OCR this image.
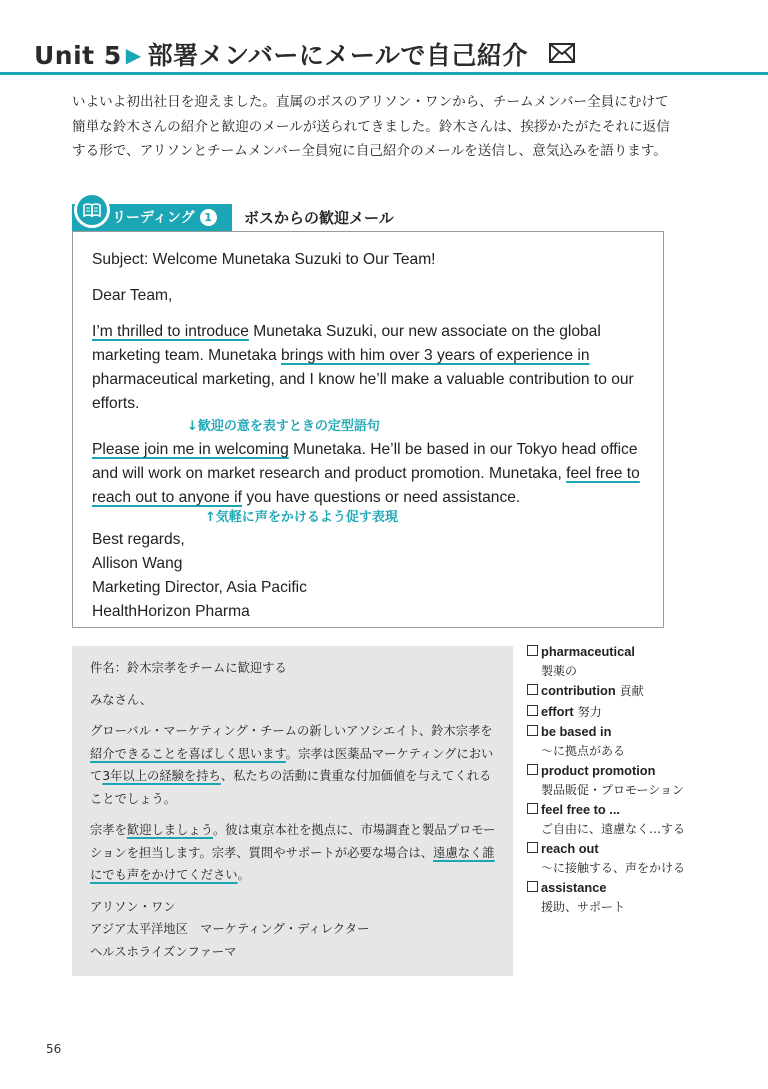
Unit 5 ▶ 部署メンバーにメールで自己紹介
いよいよ初出社日を迎えました。直属のボスのアリソン・ワンから、チームメンバー全員にむけて簡単な鈴木さんの紹介と歓迎のメールが送られてきました。鈴木さんは、挨拶かたがたそれに返信する形で、アリソンとチームメンバー全員宛に自己紹介のメールを送信し、意気込みを語ります。
リーディング 1	ボスからの歓迎メール

Subject: Welcome Munetaka Suzuki to Our Team!

Dear Team,

I’m thrilled to introduce Munetaka Suzuki, our new associate on the global marketing team. Munetaka brings with him over 3 years of experience in pharmaceutical marketing, and I know he’ll make a valuable contribution to our efforts.

↓歓迎の意を表すときの定型語句

Please join me in welcoming Munetaka. He’ll be based in our Tokyo head office and will work on market research and product promotion. Munetaka, feel free to reach out to anyone if you have questions or need assistance.

↑気軽に声をかけるよう促す表現

Best regards,

Allison Wang

Marketing Director, Asia Pacific

HealthHorizon Pharma

件名：鈴木宗孝をチームに歓迎する

みなさん、

グローバル・マーケティング・チームの新しいアソシエイト、鈴木宗孝を紹介できることを喜ばしく思います。宗孝は医薬品マーケティングにおいて3年以上の経験を持ち、私たちの活動に貴重な付加価値を与えてくれることでしょう。

宗孝を歓迎しましょう。彼は東京本社を拠点に、市場調査と製品プロモーションを担当します。宗孝、質問やサポートが必要な場合は、遠慮なく誰にでも声をかけてください。

アリソン・ワン

アジア太平洋地区　マーケティング・ディレクター

ヘルスホライズンファーマ

pharmaceutical
製薬の
contribution 貢献
effort 努力
be based in
～に拠点がある
product promotion
製品販促・プロモーション
feel free to ...
ご自由に、遠慮なく…する
reach out
～に接触する、声をかける
assistance
援助、サポート
56
